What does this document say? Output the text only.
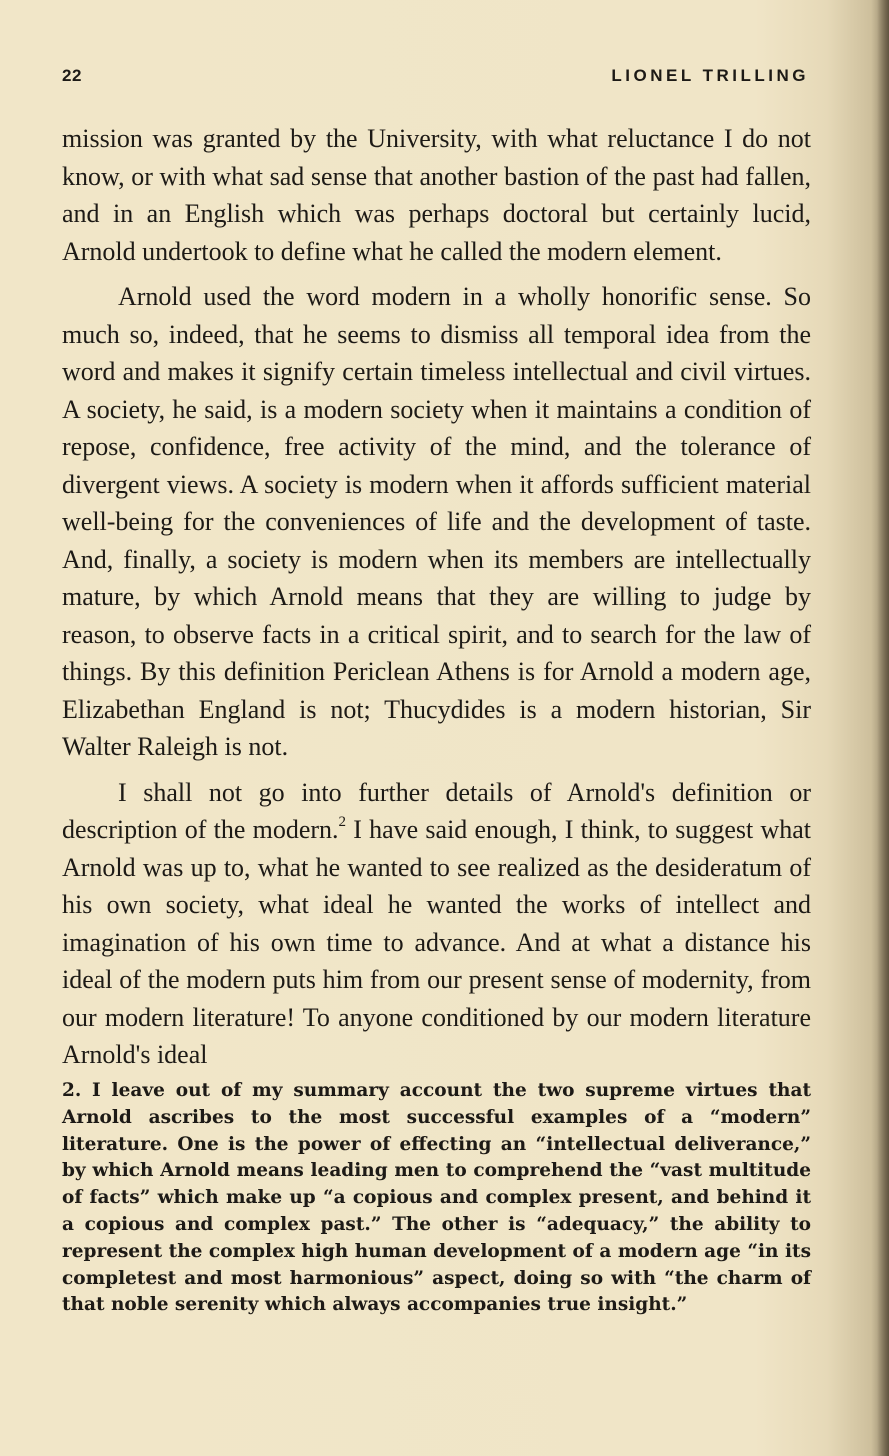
22	LIONEL TRILLING

mission was granted by the University, with what reluctance I do not know, or with what sad sense that another bastion of the past had fallen, and in an English which was perhaps doctoral but certainly lucid, Arnold undertook to define what he called the modern element.

Arnold used the word modern in a wholly honorific sense. So much so, indeed, that he seems to dismiss all temporal idea from the word and makes it signify certain timeless intellectual and civil virtues. A society, he said, is a modern society when it maintains a condition of repose, confidence, free activity of the mind, and the tolerance of divergent views. A society is modern when it affords sufficient material well-being for the conveniences of life and the development of taste. And, finally, a society is modern when its members are intellectually mature, by which Arnold means that they are willing to judge by reason, to observe facts in a critical spirit, and to search for the law of things. By this definition Periclean Athens is for Arnold a modern age, Elizabethan England is not; Thucydides is a modern historian, Sir Walter Raleigh is not.

I shall not go into further details of Arnold's definition or description of the modern.$^2$ I have said enough, I think, to suggest what Arnold was up to, what he wanted to see realized as the desideratum of his own society, what ideal he wanted the works of intellect and imagination of his own time to advance. And at what a distance his ideal of the modern puts him from our present sense of modernity, from our modern literature! To anyone conditioned by our modern literature Arnold's ideal

2. I leave out of my summary account the two supreme virtues that Arnold ascribes to the most successful examples of a “modern” literature. One is the power of effecting an “intellectual deliverance,” by which Arnold means leading men to comprehend the “vast multitude of facts” which make up “a copious and complex present, and behind it a copious and complex past.” The other is “adequacy,” the ability to represent the complex high human development of a modern age “in its completest and most harmonious” aspect, doing so with “the charm of that noble serenity which always accompanies true insight.”
